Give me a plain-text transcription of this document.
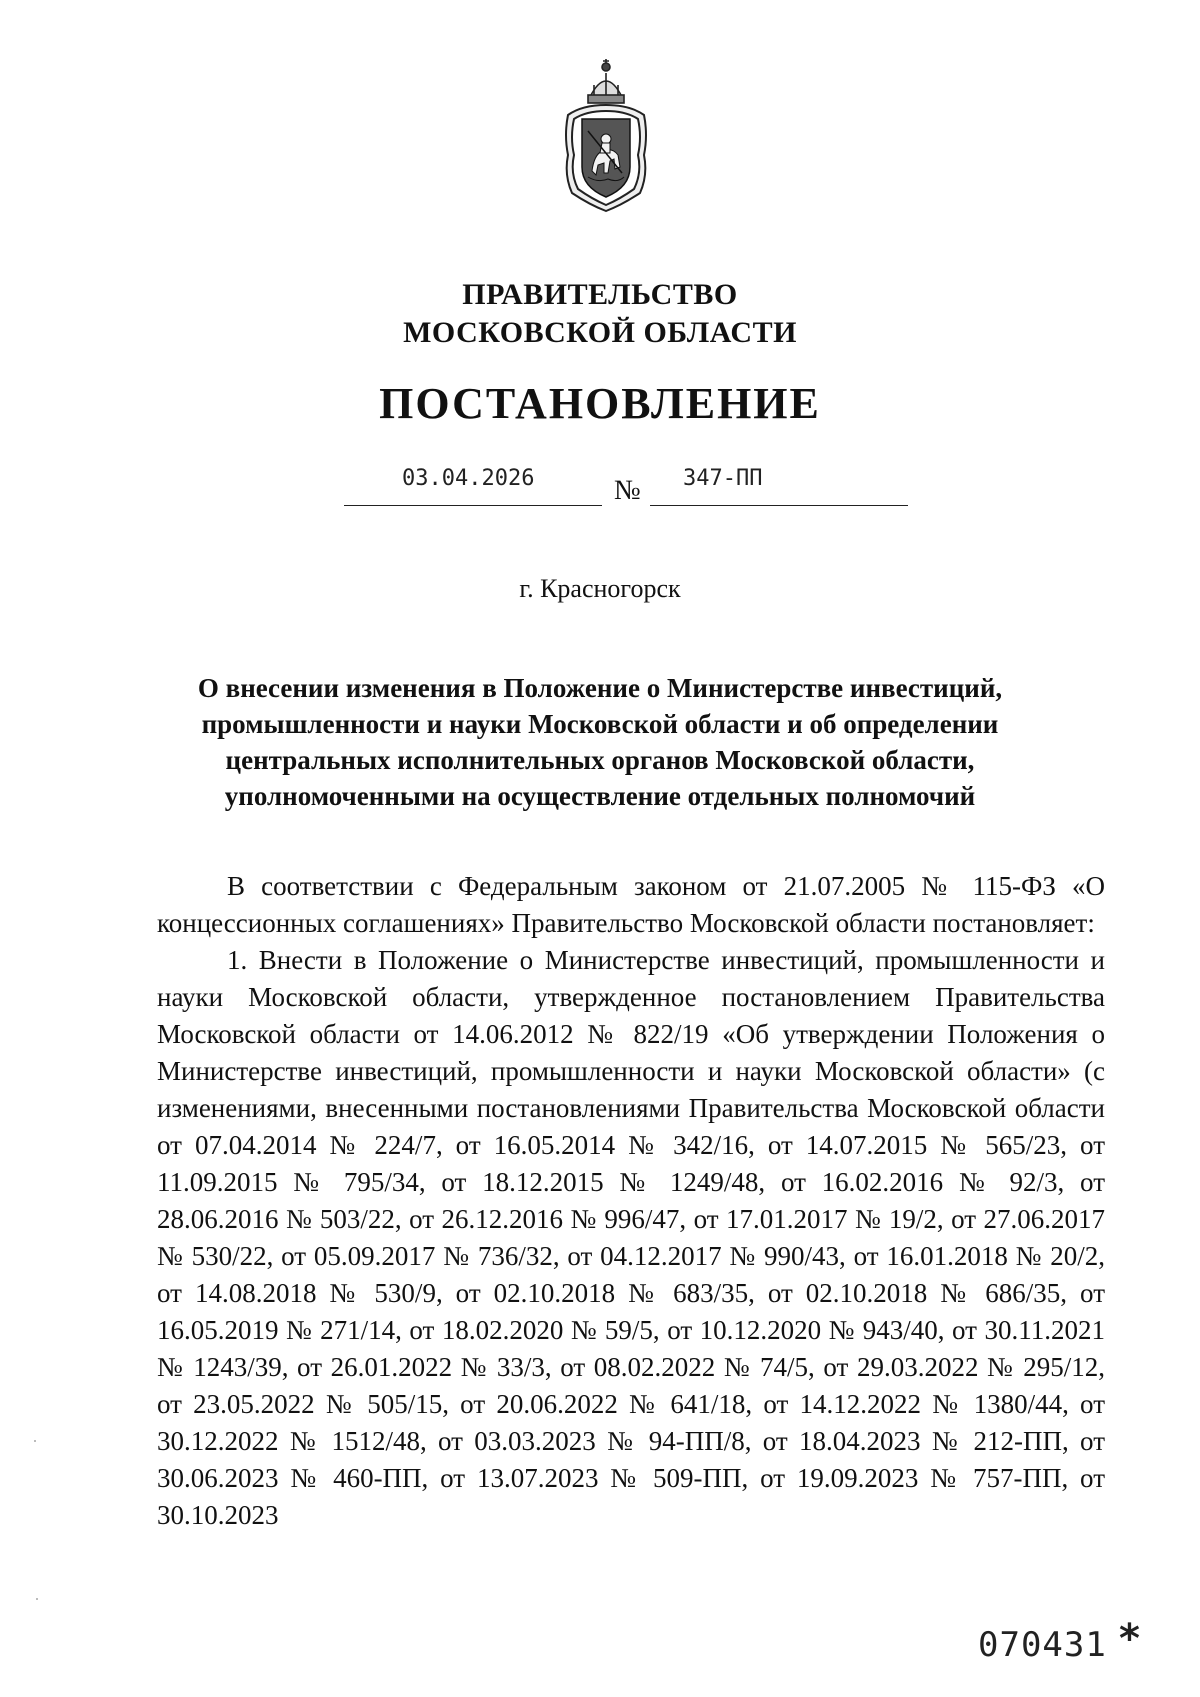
ПРАВИТЕЛЬСТВО
МОСКОВСКОЙ ОБЛАСТИ
ПОСТАНОВЛЕНИЕ
03.04.2026	№ 347-ПП
г. Красногорск
О внесении изменения в Положение о Министерстве инвестиций, промышленности и науки Московской области и об определении центральных исполнительных органов Московской области, уполномоченными на осуществление отдельных полномочий

В соответствии с Федеральным законом от 21.07.2005 № 115-ФЗ «О концессионных соглашениях» Правительство Московской области постановляет:

1. Внести в Положение о Министерстве инвестиций, промышленности и науки Московской области, утвержденное постановлением Правительства Московской области от 14.06.2012 № 822/19 «Об утверждении Положения о Министерстве инвестиций, промышленности и науки Московской области» (с изменениями, внесенными постановлениями Правительства Московской области от 07.04.2014 № 224/7, от 16.05.2014 № 342/16, от 14.07.2015 № 565/23, от 11.09.2015 № 795/34, от 18.12.2015 № 1249/48, от 16.02.2016 № 92/3, от 28.06.2016 № 503/22, от 26.12.2016 № 996/47, от 17.01.2017 № 19/2, от 27.06.2017 № 530/22, от 05.09.2017 № 736/32, от 04.12.2017 № 990/43, от 16.01.2018 № 20/2, от 14.08.2018 № 530/9, от 02.10.2018 № 683/35, от 02.10.2018 № 686/35, от 16.05.2019 № 271/14, от 18.02.2020 № 59/5, от 10.12.2020 № 943/40, от 30.11.2021 № 1243/39, от 26.01.2022 № 33/3, от 08.02.2022 № 74/5, от 29.03.2022 № 295/12, от 23.05.2022 № 505/15, от 20.06.2022 № 641/18, от 14.12.2022 № 1380/44, от 30.12.2022 № 1512/48, от 03.03.2023 № 94-ПП/8, от 18.04.2023 № 212-ПП, от 30.06.2023 № 460-ПП, от 13.07.2023 № 509-ПП, от 19.09.2023 № 757-ПП, от 30.10.2023

070431 *
